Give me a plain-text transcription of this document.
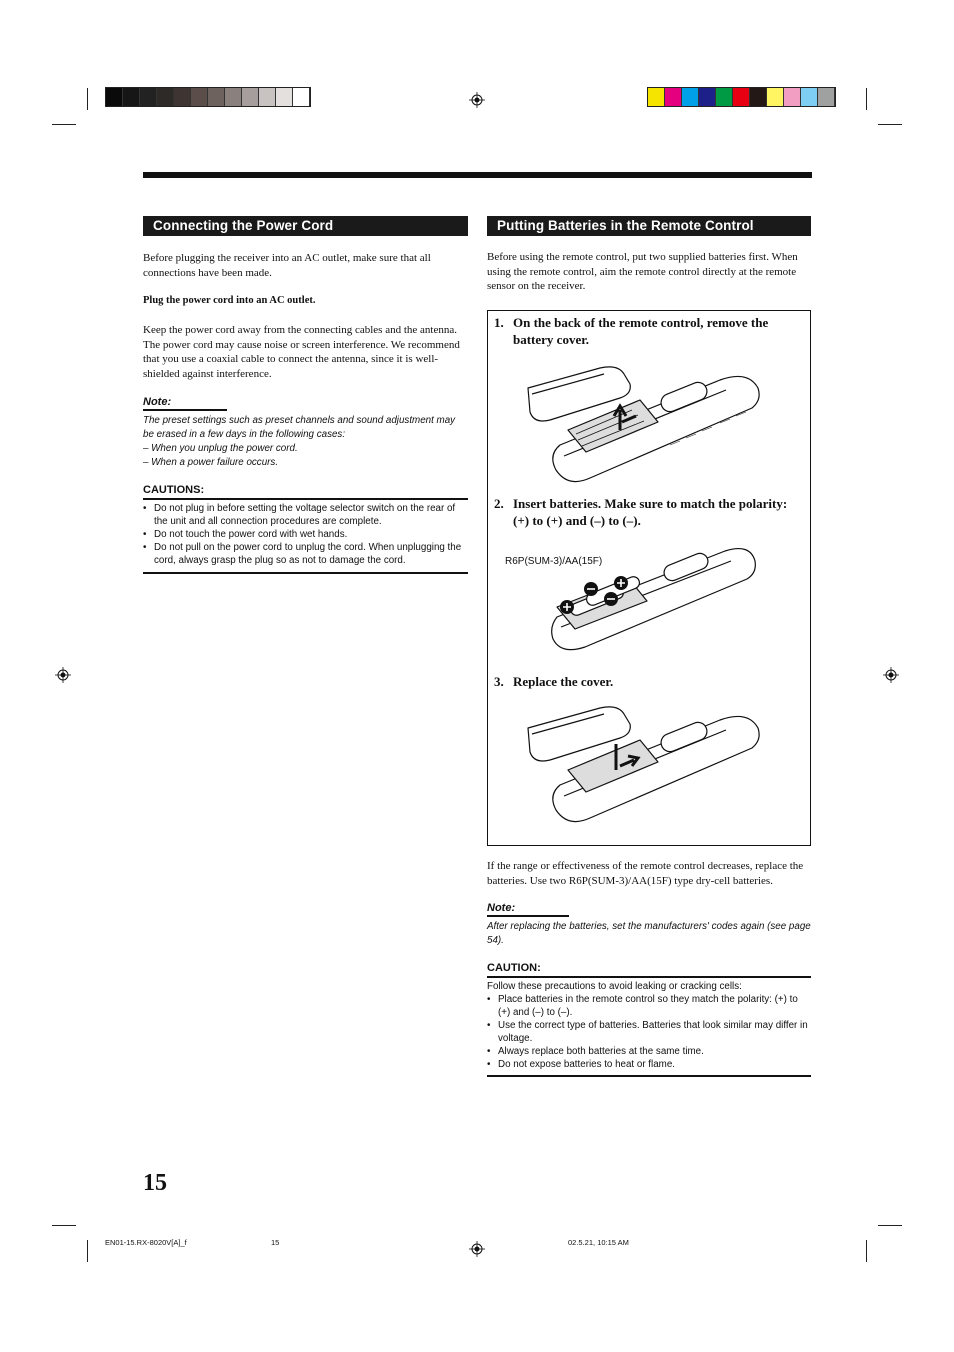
Connecting the Power Cord
Before plugging the receiver into an AC outlet, make sure that all connections have been made.
Plug the power cord into an AC outlet.
Keep the power cord away from the connecting cables and the antenna. The power cord may cause noise or screen interference. We recommend that you use a coaxial cable to connect the antenna, since it is well-shielded against interference.
Note:
The preset settings such as preset channels and sound adjustment may be erased in a few days in the following cases:
– When you unplug the power cord.
– When a power failure occurs.
CAUTIONS:
• Do not plug in before setting the voltage selector switch on the rear of the unit and all connection procedures are complete.
• Do not touch the power cord with wet hands.
• Do not pull on the power cord to unplug the cord. When unplugging the cord, always grasp the plug so as not to damage the cord.
Putting Batteries in the Remote Control
Before using the remote control, put two supplied batteries first. When using the remote control, aim the remote control directly at the remote sensor on the receiver.
1. On the back of the remote control, remove the battery cover.
2. Insert batteries. Make sure to match the polarity: (+) to (+) and (–) to (–).
R6P(SUM-3)/AA(15F)
3. Replace the cover.
If the range or effectiveness of the remote control decreases, replace the batteries. Use two R6P(SUM-3)/AA(15F) type dry-cell batteries.
Note:
After replacing the batteries, set the manufacturers' codes again (see page 54).
CAUTION:
Follow these precautions to avoid leaking or cracking cells:
• Place batteries in the remote control so they match the polarity: (+) to (+) and (–) to (–).
• Use the correct type of batteries. Batteries that look similar may differ in voltage.
• Always replace both batteries at the same time.
• Do not expose batteries to heat or flame.
15
EN01-15.RX-8020V[A]_f	15	02.5.21, 10:15 AM
